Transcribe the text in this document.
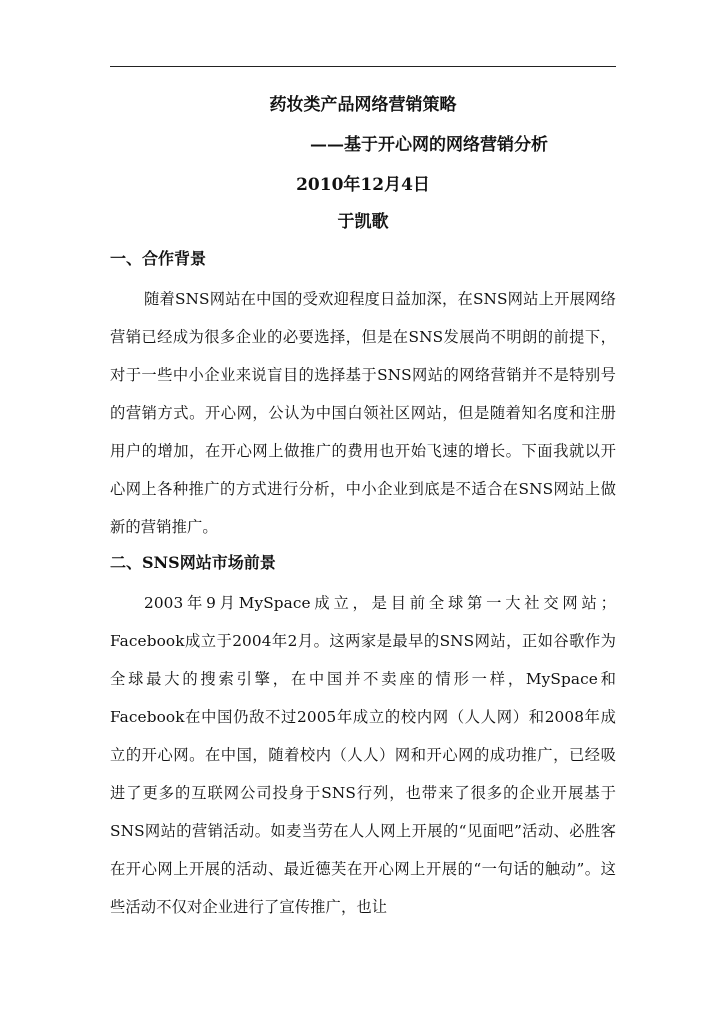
药妆类产品网络营销策略
——基于开心网的网络营销分析
2010年12月4日
于凯歌
一、合作背景

随着SNS网站在中国的受欢迎程度日益加深，在SNS网站上开展网络营销已经成为很多企业的必要选择，但是在SNS发展尚不明朗的前提下，对于一些中小企业来说盲目的选择基于SNS网站的网络营销并不是特别号的营销方式。开心网，公认为中国白领社区网站，但是随着知名度和注册用户的增加，在开心网上做推广的费用也开始飞速的增长。下面我就以开心网上各种推广的方式进行分析，中小企业到底是不适合在SNS网站上做新的营销推广。

二、SNS网站市场前景

2003年9月MySpace成立，是目前全球第一大社交网站；Facebook成立于2004年2月。这两家是最早的SNS网站，正如谷歌作为全球最大的搜索引擎，在中国并不卖座的情形一样，MySpace和Facebook在中国仍敌不过2005年成立的校内网（人人网）和2008年成立的开心网。在中国，随着校内（人人）网和开心网的成功推广，已经吸进了更多的互联网公司投身于SNS行列，也带来了很多的企业开展基于SNS网站的营销活动。如麦当劳在人人网上开展的“见面吧”活动、必胜客在开心网上开展的活动、最近德芙在开心网上开展的“一句话的触动”。这些活动不仅对企业进行了宣传推广，也让
